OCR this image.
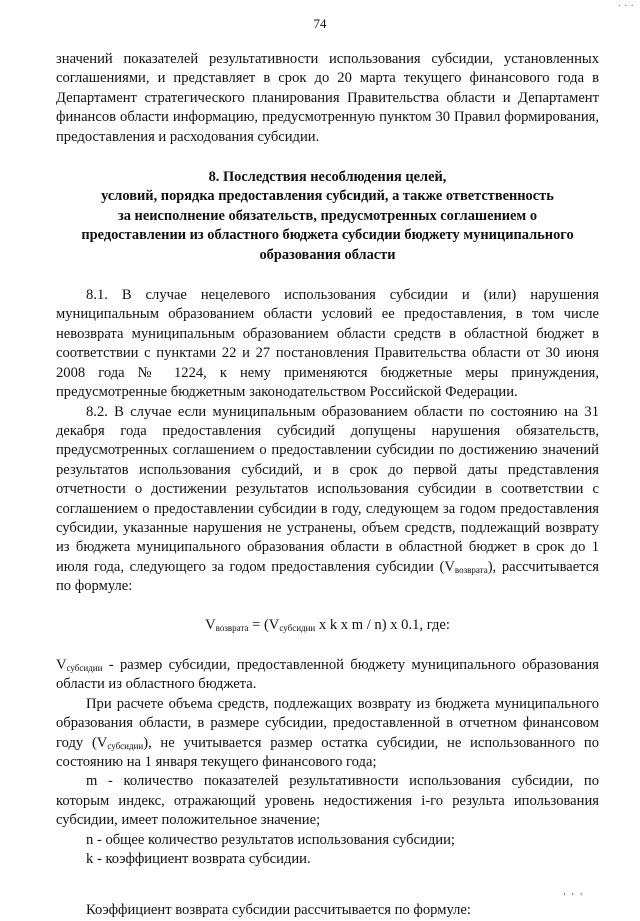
· · ·
74

значений показателей результативности использования субсидии, установленных соглашениями, и представляет в срок до 20 марта текущего финансового года в Департамент стратегического планирования Правительства области и Департамент финансов области информацию, предусмотренную пунктом 30 Правил формирования, предоставления и расходования субсидии.

8. Последствия несоблюдения целей,
условий, порядка предоставления субсидий, а также ответственность
за неисполнение обязательств, предусмотренных соглашением о
предоставлении из областного бюджета субсидии бюджету муниципального
образования области

8.1. В случае нецелевого использования субсидии и (или) нарушения муниципальным образованием области условий ее предоставления, в том числе невозврата муниципальным образованием области средств в областной бюджет в соответствии с пунктами 22 и 27 постановления Правительства области от 30 июня 2008 года № 1224, к нему применяются бюджетные меры принуждения, предусмотренные бюджетным законодательством Российской Федерации.

8.2. В случае если муниципальным образованием области по состоянию на 31 декабря года предоставления субсидий допущены нарушения обязательств, предусмотренных соглашением о предоставлении субсидии по достижению значений результатов использования субсидий, и в срок до первой даты представления отчетности о достижении результатов использования субсидии в соответствии с соглашением о предоставлении субсидии в году, следующем за годом предоставления субсидии, указанные нарушения не устранены, объем средств, подлежащий возврату из бюджета муниципального образования области в областной бюджет в срок до 1 июля года, следующего за годом предоставления субсидии $(V_{возврата})$, рассчитывается по формуле:

$V_{возврата} = (V_{субсидии}$ x k x m / n) x 0.1, где:

$V_{субсидии}$ - размер субсидии, предоставленной бюджету муниципального образования области из областного бюджета.

При расчете объема средств, подлежащих возврату из бюджета муниципального образования области, в размере субсидии, предоставленной в отчетном финансовом году $(V_{субсидии})$, не учитывается размер остатка субсидии, не использованного по состоянию на 1 января текущего финансового года;

m - количество показателей результативности использования субсидии, по которым индекс, отражающий уровень недостижения i-го результа ипользования субсидии, имеет положительное значение;

n - общее количество результатов использования субсидии;

k - коэффициент возврата субсидии.

Коэффициент возврата субсидии рассчитывается по формуле:

' ' '
